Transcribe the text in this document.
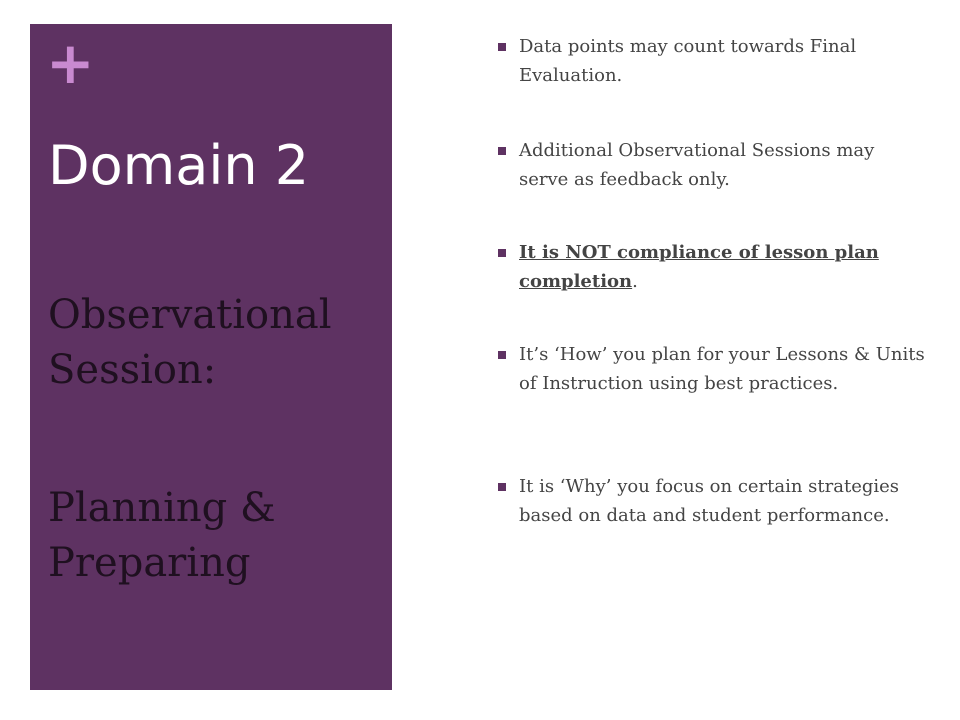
+
Domain 2
Observational
Session:
Planning &
Preparing
Data points may count towards Final Evaluation.
Additional Observational Sessions may serve as feedback only.
It is NOT compliance of lesson plan completion.
It’s ‘How’ you plan for your Lessons & Units of Instruction using best practices.
It is ‘Why’ you focus on certain strategies based on data and student performance.
